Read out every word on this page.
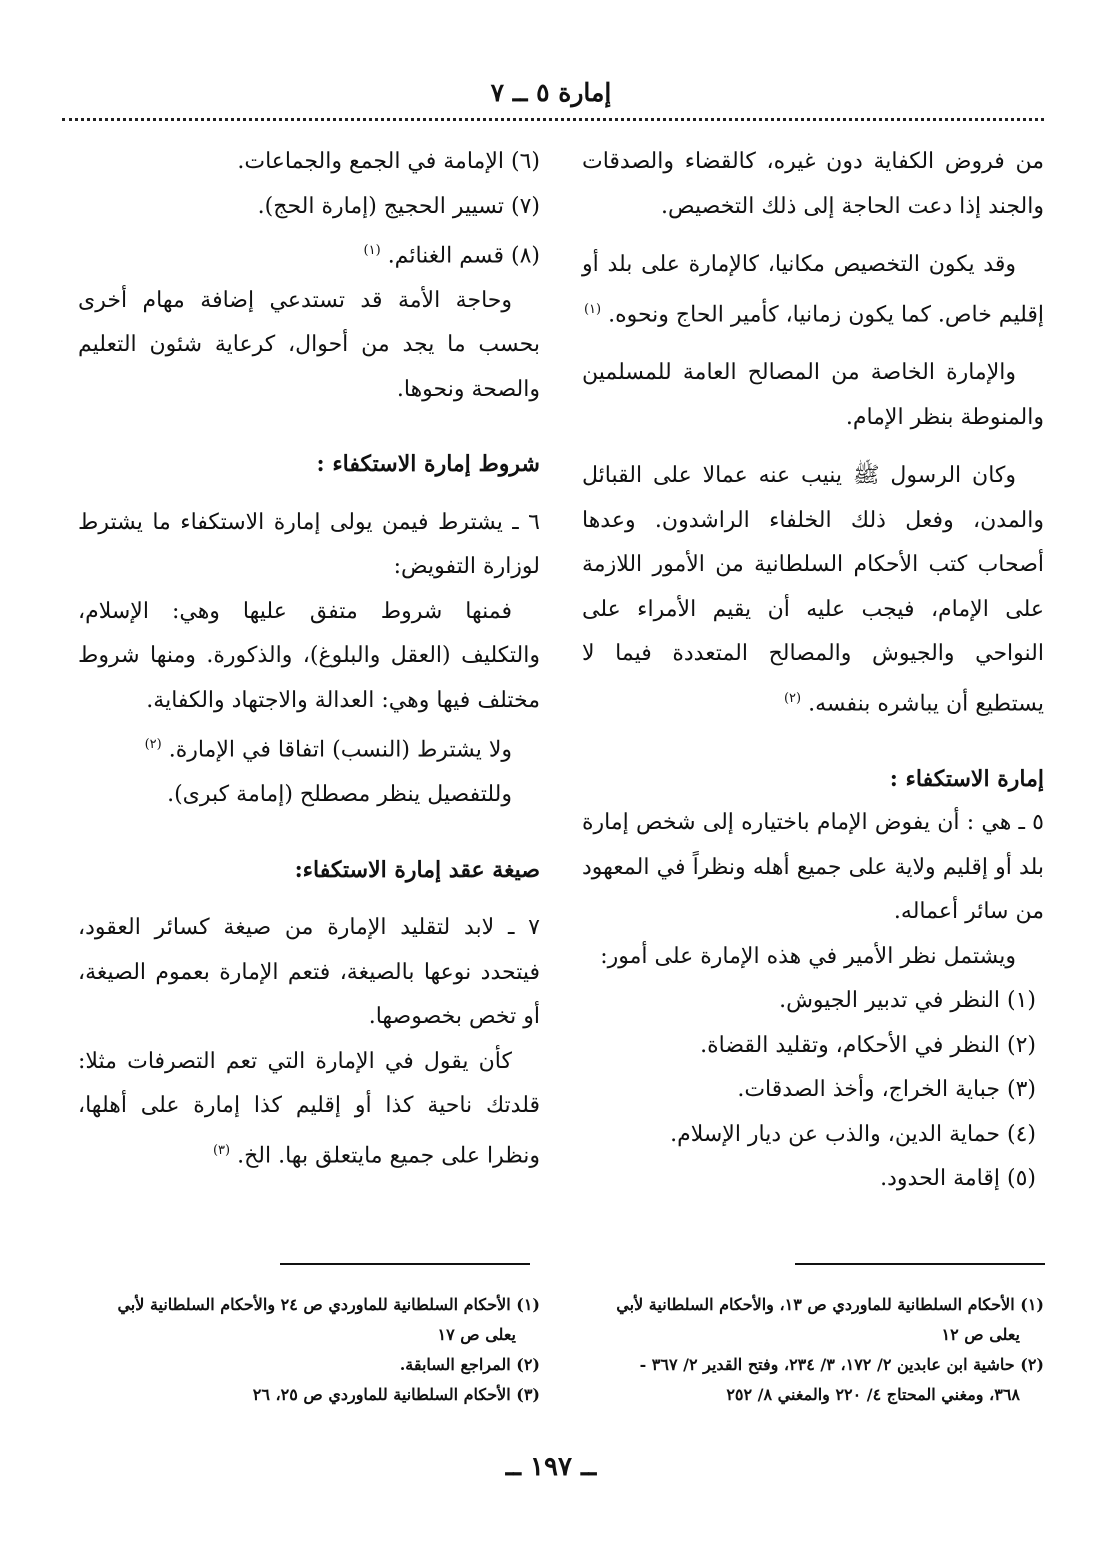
إمارة ٥ ــ ٧

من فروض الكفاية دون غيره، كالقضاء والصدقات والجند إذا دعت الحاجة إلى ذلك التخصيص.

وقد يكون التخصيص مكانيا، كالإمارة على بلد أو إقليم خاص. كما يكون زمانيا، كأمير الحاج ونحوه. $^{(١)}$

والإمارة الخاصة من المصالح العامة للمسلمين والمنوطة بنظر الإمام.

وكان الرسول ﷺ ينيب عنه عمالا على القبائل والمدن، وفعل ذلك الخلفاء الراشدون. وعدها أصحاب كتب الأحكام السلطانية من الأمور اللازمة على الإمام، فيجب عليه أن يقيم الأمراء على النواحي والجيوش والمصالح المتعددة فيما لا يستطيع أن يباشره بنفسه. $^{(٢)}$

إمارة الاستكفاء :

٥ ـ هي : أن يفوض الإمام باختياره إلى شخص إمارة بلد أو إقليم ولاية على جميع أهله ونظراً في المعهود من سائر أعماله.

ويشتمل نظر الأمير في هذه الإمارة على أمور:

(١) النظر في تدبير الجيوش.

(٢) النظر في الأحكام، وتقليد القضاة.

(٣) جباية الخراج، وأخذ الصدقات.

(٤) حماية الدين، والذب عن ديار الإسلام.

(٥) إقامة الحدود.

(٦) الإمامة في الجمع والجماعات.

(٧) تسيير الحجيج (إمارة الحج).

(٨) قسم الغنائم. $^{(١)}$

وحاجة الأمة قد تستدعي إضافة مهام أخرى بحسب ما يجد من أحوال، كرعاية شئون التعليم والصحة ونحوها.

شروط إمارة الاستكفاء :

٦ ـ يشترط فيمن يولى إمارة الاستكفاء ما يشترط لوزارة التفويض:

فمنها شروط متفق عليها وهي: الإسلام، والتكليف (العقل والبلوغ)، والذكورة. ومنها شروط مختلف فيها وهي: العدالة والاجتهاد والكفاية.

ولا يشترط (النسب) اتفاقا في الإمارة. $^{(٢)}$

وللتفصيل ينظر مصطلح (إمامة كبرى).

صيغة عقد إمارة الاستكفاء:

٧ ـ لابد لتقليد الإمارة من صيغة كسائر العقود، فيتحدد نوعها بالصيغة، فتعم الإمارة بعموم الصيغة، أو تخص بخصوصها.

كأن يقول في الإمارة التي تعم التصرفات مثلا: قلدتك ناحية كذا أو إقليم كذا إمارة على أهلها، ونظرا على جميع مايتعلق بها. الخ. $^{(٣)}$

(١) الأحكام السلطانية للماوردي ص ١٣، والأحكام السلطانية لأبي

يعلى ص ١٢

(٢) حاشية ابن عابدين ٢/ ١٧٢، ٣/ ٢٣٤، وفتح القدير ٢/ ٣٦٧ -

٣٦٨، ومغني المحتاج ٤/ ٢٢٠ والمغني ٨/ ٢٥٢

(١) الأحكام السلطانية للماوردي ص ٢٤ والأحكام السلطانية لأبي

يعلى ص ١٧

(٢) المراجع السابقة.

(٣) الأحكام السلطانية للماوردي ص ٢٥، ٢٦

ــ ١٩٧ ــ
